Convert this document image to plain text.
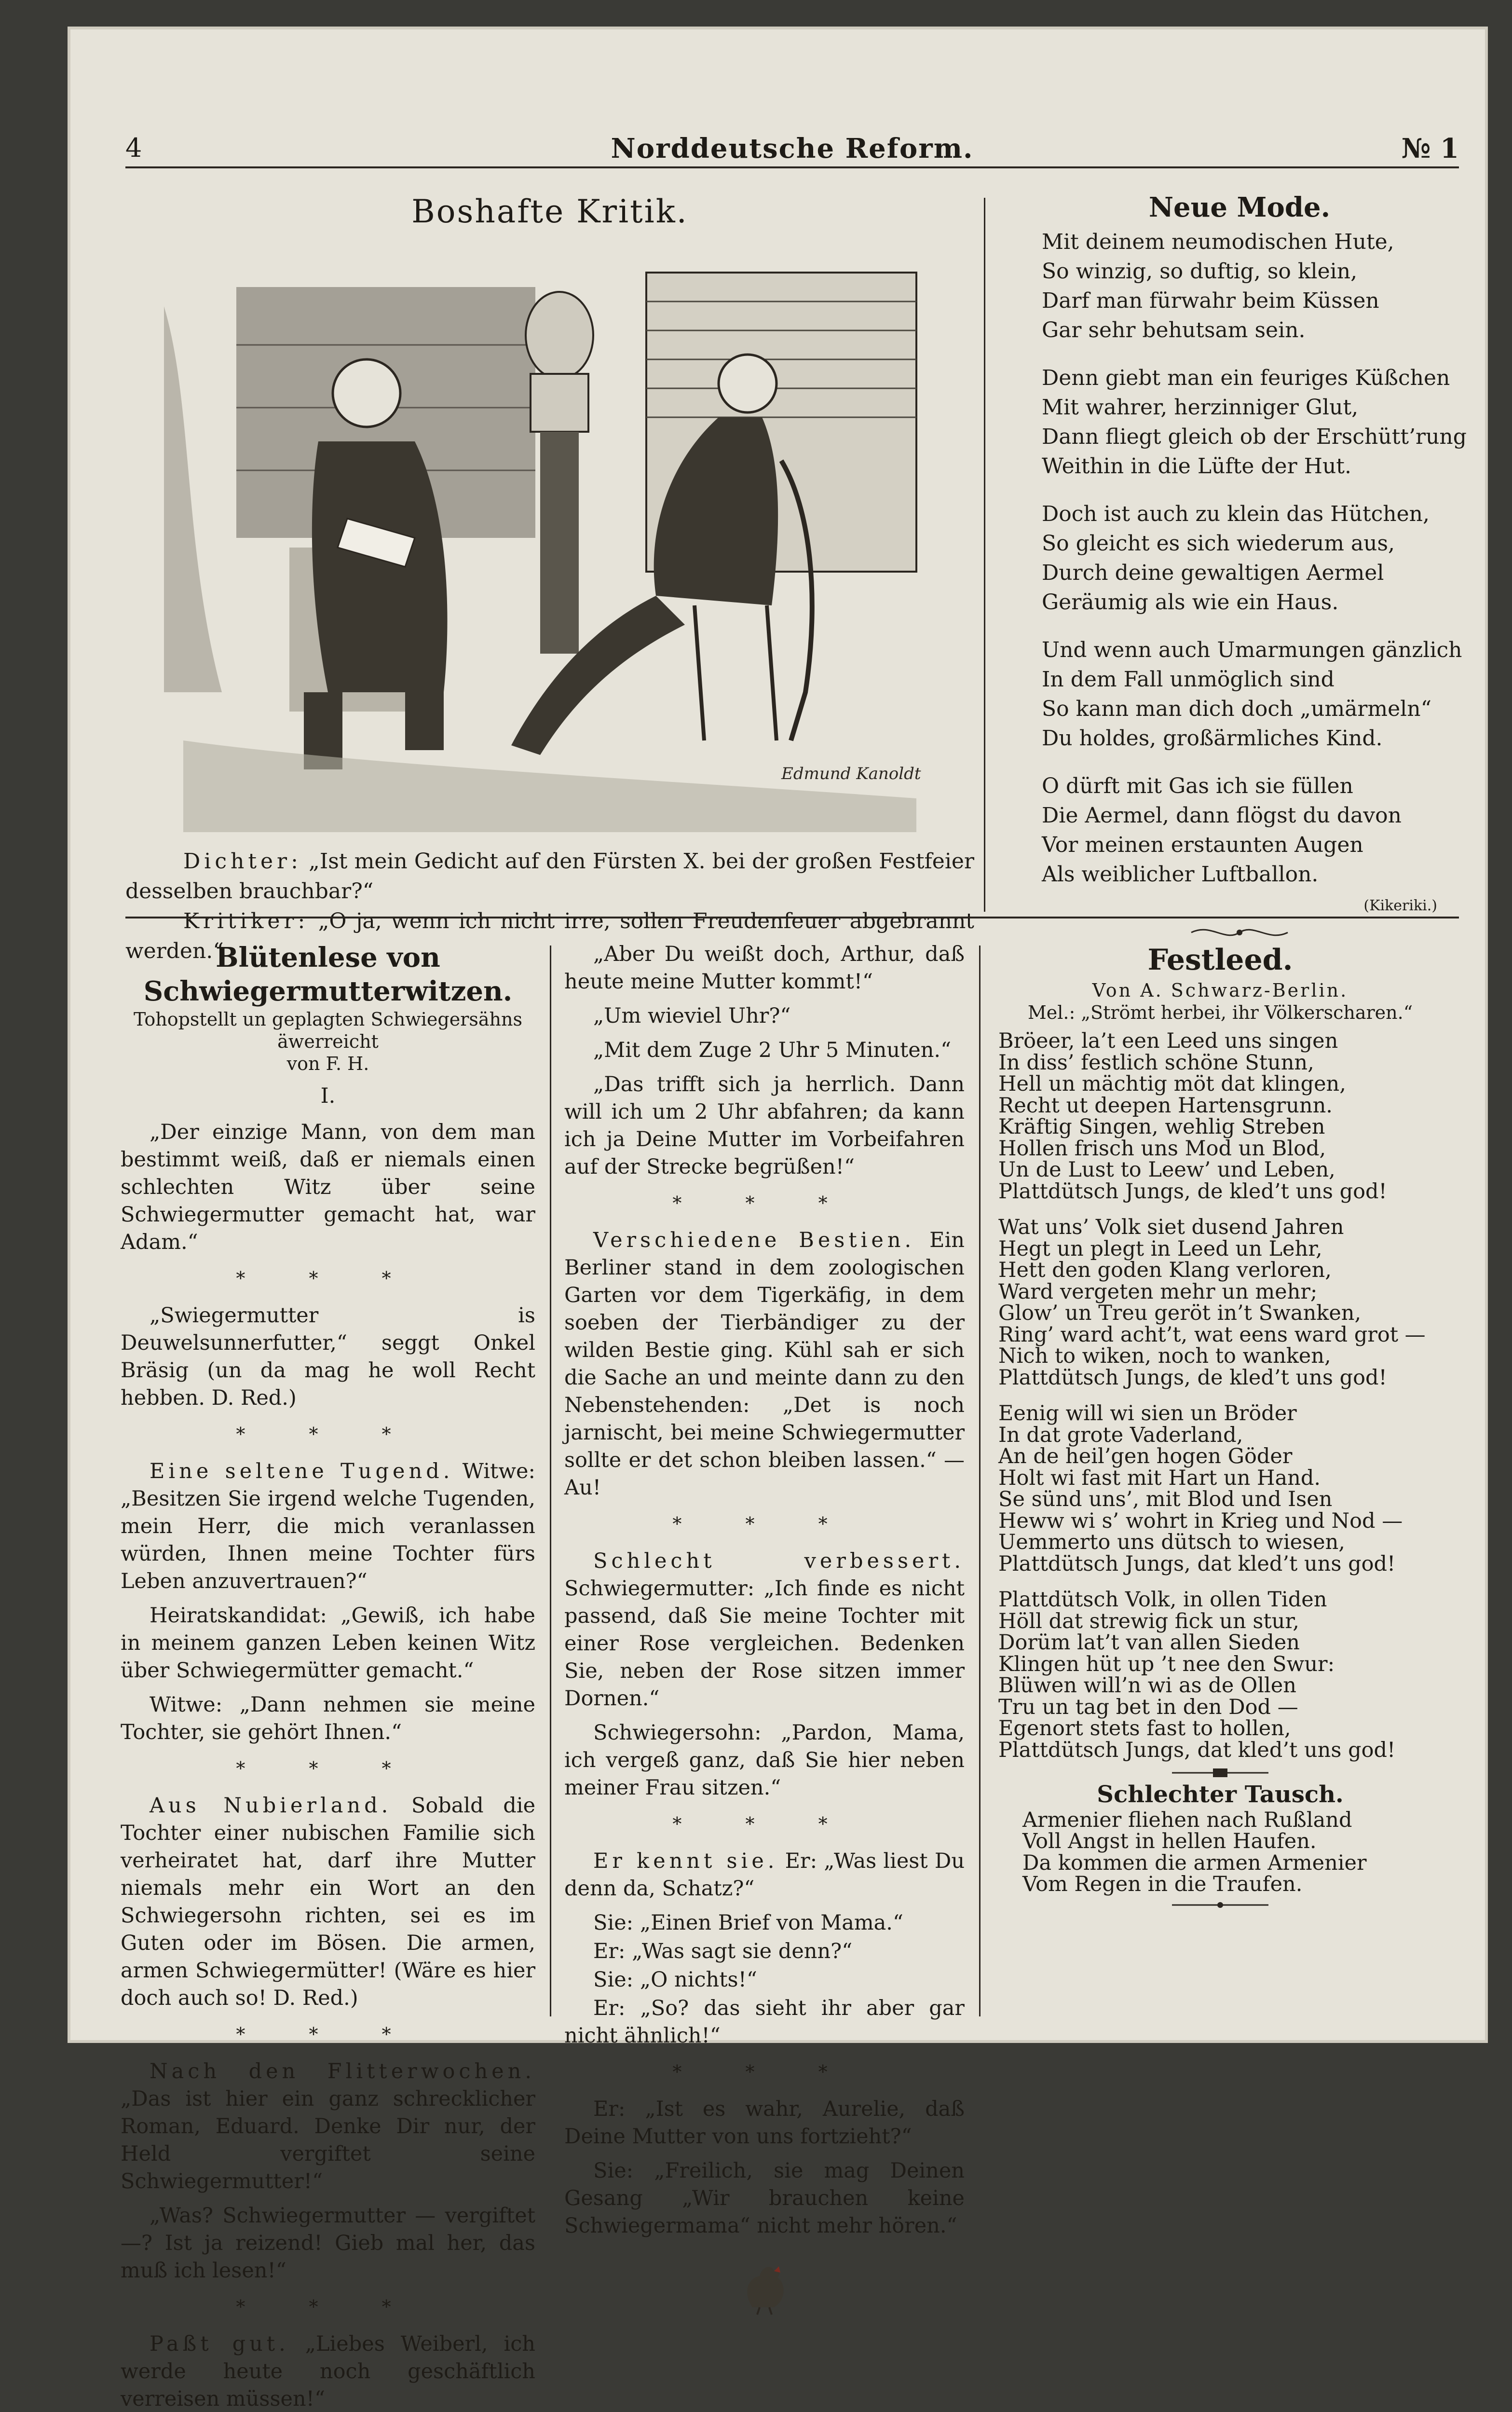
4	Norddeutsche Reform.	№ 1
Boshafte Kritik.
Edmund Kanoldt

Dichter: „Ist mein Gedicht auf den Fürsten X. bei der großen Festfeier desselben brauchbar?“

Kritiker: „O ja, wenn ich nicht irre, sollen Freudenfeuer abgebrannt werden.“

Neue Mode.
Mit deinem neumodischen Hute,
So winzig, so duftig, so klein,
Darf man fürwahr beim Küssen
Gar sehr behutsam sein.
Denn giebt man ein feuriges Küßchen
Mit wahrer, herzinniger Glut,
Dann fliegt gleich ob der Erschütt’rung
Weithin in die Lüfte der Hut.
Doch ist auch zu klein das Hütchen,
So gleicht es sich wiederum aus,
Durch deine gewaltigen Aermel
Geräumig als wie ein Haus.
Und wenn auch Umarmungen gänzlich
In dem Fall unmöglich sind
So kann man dich doch „umärmeln“
Du holdes, großärmliches Kind.
O dürft mit Gas ich sie füllen
Die Aermel, dann flögst du davon
Vor meinen erstaunten Augen
Als weiblicher Luftballon.
(Kikeriki.)
Blütenlese von Schwiegermutterwitzen.
Tohopstellt un geplagten Schwiegersähns äwerreicht
von F. H.
I.

„Der einzige Mann, von dem man bestimmt weiß, daß er niemals einen schlechten Witz über seine Schwiegermutter gemacht hat, war Adam.“

* * *

„Swiegermutter is Deuwelsunnerfutter,“ seggt Onkel Bräsig (un da mag he woll Recht hebben. D. Red.)

* * *

Eine seltene Tugend. Witwe: „Besitzen Sie irgend welche Tugenden, mein Herr, die mich veranlassen würden, Ihnen meine Tochter fürs Leben anzuvertrauen?“

Heiratskandidat: „Gewiß, ich habe in meinem ganzen Leben keinen Witz über Schwiegermütter gemacht.“

Witwe: „Dann nehmen sie meine Tochter, sie gehört Ihnen.“

* * *

Aus Nubierland. Sobald die Tochter einer nubischen Familie sich verheiratet hat, darf ihre Mutter niemals mehr ein Wort an den Schwiegersohn richten, sei es im Guten oder im Bösen. Die armen, armen Schwiegermütter! (Wäre es hier doch auch so! D. Red.)

* * *

Nach den Flitterwochen. „Das ist hier ein ganz schrecklicher Roman, Eduard. Denke Dir nur, der Held vergiftet seine Schwiegermutter!“

„Was? Schwiegermutter — vergiftet —? Ist ja reizend! Gieb mal her, das muß ich lesen!“

* * *

Paßt gut. „Liebes Weiberl, ich werde heute noch geschäftlich verreisen müssen!“

„Aber Du weißt doch, Arthur, daß heute meine Mutter kommt!“

„Um wieviel Uhr?“

„Mit dem Zuge 2 Uhr 5 Minuten.“

„Das trifft sich ja herrlich. Dann will ich um 2 Uhr abfahren; da kann ich ja Deine Mutter im Vorbeifahren auf der Strecke begrüßen!“

* * *

Verschiedene Bestien. Ein Berliner stand in dem zoologischen Garten vor dem Tigerkäfig, in dem soeben der Tierbändiger zu der wilden Bestie ging. Kühl sah er sich die Sache an und meinte dann zu den Nebenstehenden: „Det is noch jarnischt, bei meine Schwiegermutter sollte er det schon bleiben lassen.“ — Au!

* * *

Schlecht verbessert. Schwiegermutter: „Ich finde es nicht passend, daß Sie meine Tochter mit einer Rose vergleichen. Bedenken Sie, neben der Rose sitzen immer Dornen.“

Schwiegersohn: „Pardon, Mama, ich vergeß ganz, daß Sie hier neben meiner Frau sitzen.“

* * *

Er kennt sie. Er: „Was liest Du denn da, Schatz?“

Sie: „Einen Brief von Mama.“

Er: „Was sagt sie denn?“

Sie: „O nichts!“

Er: „So? das sieht ihr aber gar nicht ähnlich!“

* * *

Er: „Ist es wahr, Aurelie, daß Deine Mutter von uns fortzieht?“

Sie: „Freilich, sie mag Deinen Gesang „Wir brauchen keine Schwiegermama“ nicht mehr hören.“

Festleed.
Von A. Schwarz-Berlin.
Mel.: „Strömt herbei, ihr Völkerscharen.“
Bröeer, la’t een Leed uns singen
In diss’ festlich schöne Stunn,
Hell un mächtig möt dat klingen,
Recht ut deepen Hartensgrunn.
Kräftig Singen, wehlig Streben
Hollen frisch uns Mod un Blod,
Un de Lust to Leew’ und Leben,
Plattdütsch Jungs, de kled’t uns god!
Wat uns’ Volk siet dusend Jahren
Hegt un plegt in Leed un Lehr,
Hett den goden Klang verloren,
Ward vergeten mehr un mehr;
Glow’ un Treu geröt in’t Swanken,
Ring’ ward acht’t, wat eens ward grot —
Nich to wiken, noch to wanken,
Plattdütsch Jungs, de kled’t uns god!
Eenig will wi sien un Bröder
In dat grote Vaderland,
An de heil’gen hogen Göder
Holt wi fast mit Hart un Hand.
Se sünd uns’, mit Blod und Isen
Heww wi s’ wohrt in Krieg und Nod —
Uemmerto uns dütsch to wiesen,
Plattdütsch Jungs, dat kled’t uns god!
Plattdütsch Volk, in ollen Tiden
Höll dat strewig fick un stur,
Dorüm lat’t van allen Sieden
Klingen hüt up ’t nee den Swur:
Blüwen will’n wi as de Ollen
Tru un tag bet in den Dod —
Egenort stets fast to hollen,
Plattdütsch Jungs, dat kled’t uns god!
Schlechter Tausch.
Armenier fliehen nach Rußland
Voll Angst in hellen Haufen.
Da kommen die armen Armenier
Vom Regen in die Traufen.
